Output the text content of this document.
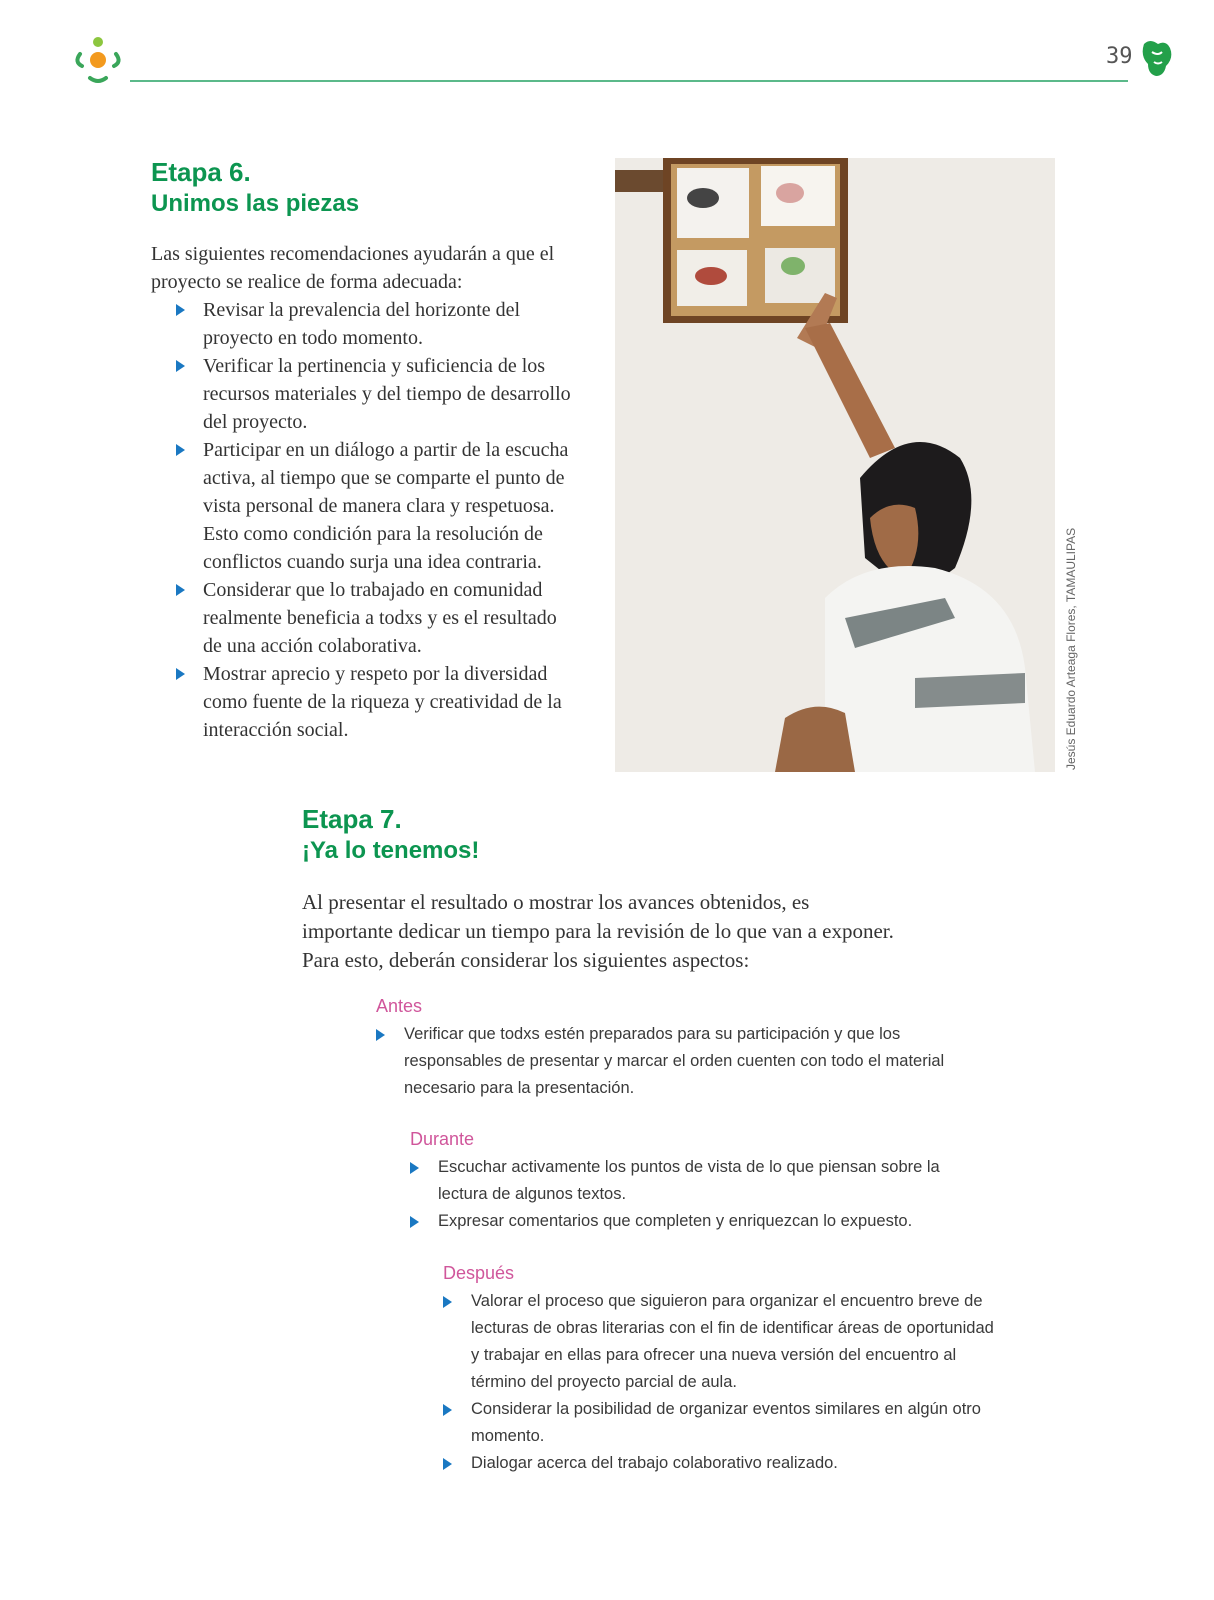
39
Etapa 6.
Unimos las piezas

Las siguientes recomendaciones ayudarán a que el proyecto se realice de forma adecuada:

Revisar la prevalencia del horizonte del proyecto en todo momento.
Verificar la pertinencia y suficiencia de los recursos materiales y del tiempo de desarrollo del proyecto.
Participar en un diálogo a partir de la escucha activa, al tiempo que se comparte el punto de vista personal de manera clara y respetuosa. Esto como condición para la resolución de conflictos cuando surja una idea contraria.
Considerar que lo trabajado en comunidad realmente beneficia a todxs y es el resultado de una acción colaborativa.
Mostrar aprecio y respeto por la diversidad como fuente de la riqueza y creatividad de la interacción social.	Jesús Eduardo Arteaga Flores, TAMAULIPAS
Etapa 7.
¡Ya lo tenemos!

Al presentar el resultado o mostrar los avances obtenidos, es importante dedicar un tiempo para la revisión de lo que van a exponer. Para esto, deberán considerar los siguientes aspectos:

Antes

Verificar que todxs estén preparados para su participación y que los responsables de presentar y marcar el orden cuenten con todo el material necesario para la presentación.

Durante

Escuchar activamente los puntos de vista de lo que piensan sobre la lectura de algunos textos.
Expresar comentarios que completen y enriquezcan lo expuesto.

Después

Valorar el proceso que siguieron para organizar el encuentro breve de lecturas de obras literarias con el fin de identificar áreas de oportunidad y trabajar en ellas para ofrecer una nueva versión del encuentro al término del proyecto parcial de aula.
Considerar la posibilidad de organizar eventos similares en algún otro momento.
Dialogar acerca del trabajo colaborativo realizado.
